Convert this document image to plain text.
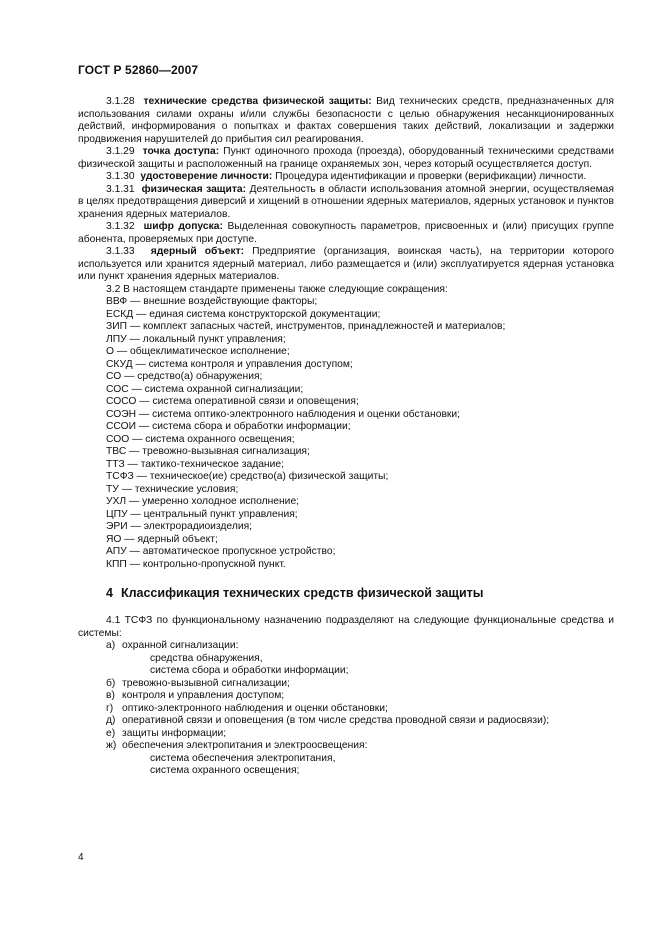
ГОСТ Р 52860—2007

3.1.28 технические средства физической защиты: Вид технических средств, предназначенных для использования силами охраны и/или службы безопасности с целью обнаружения несанкционированных действий, информирования о попытках и фактах совершения таких действий, локализации и задержки продвижения нарушителей до прибытия сил реагирования.

3.1.29 точка доступа: Пункт одиночного прохода (проезда), оборудованный техническими средствами физической защиты и расположенный на границе охраняемых зон, через который осуществляется доступ.

3.1.30 удостоверение личности: Процедура идентификации и проверки (верификации) личности.

3.1.31 физическая защита: Деятельность в области использования атомной энергии, осуществляемая в целях предотвращения диверсий и хищений в отношении ядерных материалов, ядерных установок и пунктов хранения ядерных материалов.

3.1.32 шифр допуска: Выделенная совокупность параметров, присвоенных и (или) присущих группе абонента, проверяемых при доступе.

3.1.33 ядерный объект: Предприятие (организация, воинская часть), на территории которого используется или хранится ядерный материал, либо размещается и (или) эксплуатируется ядерная установка или пункт хранения ядерных материалов.

3.2 В настоящем стандарте применены также следующие сокращения:

ВВФ — внешние воздействующие факторы;
ЕСКД — единая система конструкторской документации;
ЗИП — комплект запасных частей, инструментов, принадлежностей и материалов;
ЛПУ — локальный пункт управления;
О — общеклиматическое исполнение;
СКУД — система контроля и управления доступом;
СО — средство(а) обнаружения;
СОС — система охранной сигнализации;
СОСО — система оперативной связи и оповещения;
СОЭН — система оптико-электронного наблюдения и оценки обстановки;
ССОИ — система сбора и обработки информации;
СОО — система охранного освещения;
ТВС — тревожно-вызывная сигнализация;
ТТЗ — тактико-техническое задание;
ТСФЗ — техническое(ие) средство(а) физической защиты;
ТУ — технические условия;
УХЛ — умеренно холодное исполнение;
ЦПУ — центральный пункт управления;
ЭРИ — электрорадиоизделия;
ЯО — ядерный объект;
АПУ — автоматическое пропускное устройство;
КПП — контрольно-пропускной пункт.
4 Классификация технических средств физической защиты

4.1 ТСФЗ по функциональному назначению подразделяют на следующие функциональные средства и системы:

а) охранной сигнализации:
средства обнаружения,
система сбора и обработки информации;
б) тревожно-вызывной сигнализации;
в) контроля и управления доступом;
г) оптико-электронного наблюдения и оценки обстановки;
д) оперативной связи и оповещения (в том числе средства проводной связи и радиосвязи);
е) защиты информации;
ж) обеспечения электропитания и электроосвещения:
система обеспечения электропитания,
система охранного освещения;
4
